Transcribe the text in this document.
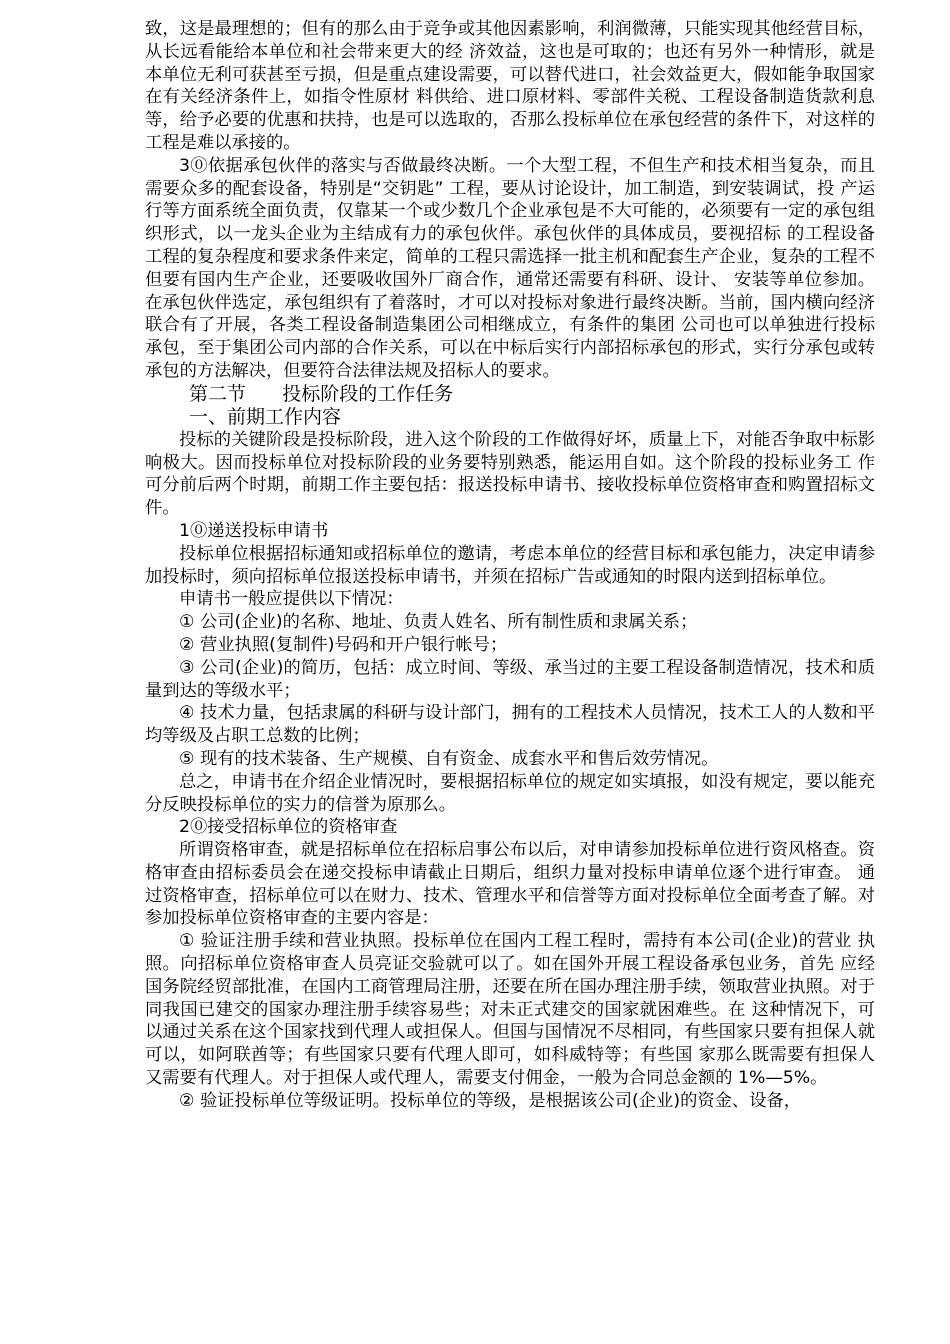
致，这是最理想的；但有的那么由于竞争或其他因素影响，利润微薄，只能实现其他经营目标，从长远看能给本单位和社会带来更大的经 济效益，这也是可取的；也还有另外一种情形，就是本单位无利可获甚至亏损，但是重点建设需要，可以替代进口，社会效益更大，假如能争取国家在有关经济条件上，如指令性原材 料供给、进口原材料、零部件关税、工程设备制造货款利息等，给予必要的优惠和扶持，也是可以选取的，否那么投标单位在承包经营的条件下，对这样的工程是难以承接的。

3⓪依据承包伙伴的落实与否做最终决断。一个大型工程，不但生产和技术相当复杂，而且需要众多的配套设备，特别是“交钥匙” 工程，要从讨论设计，加工制造，到安装调试，投 产运行等方面系统全面负责，仅靠某一个或少数几个企业承包是不大可能的，必须要有一定的承包组织形式，以一龙头企业为主结成有力的承包伙伴。承包伙伴的具体成员，要视招标 的工程设备工程的复杂程度和要求条件来定，简单的工程只需选择一批主机和配套生产企业，复杂的工程不但要有国内生产企业，还要吸收国外厂商合作，通常还需要有科研、设计、 安装等单位参加。在承包伙伴选定，承包组织有了着落时，才可以对投标对象进行最终决断。当前，国内横向经济联合有了开展，各类工程设备制造集团公司相继成立，有条件的集团 公司也可以单独进行投标承包，至于集团公司内部的合作关系，可以在中标后实行内部招标承包的形式，实行分承包或转承包的方法解决，但要符合法律法规及招标人的要求。

第二节      投标阶段的工作任务

一、前期工作内容

投标的关键阶段是投标阶段，进入这个阶段的工作做得好坏，质量上下，对能否争取中标影响极大。因而投标单位对投标阶段的业务要特别熟悉，能运用自如。这个阶段的投标业务工 作可分前后两个时期，前期工作主要包括：报送投标申请书、接收投标单位资格审查和购置招标文件。

1⓪递送投标申请书

投标单位根据招标通知或招标单位的邀请，考虑本单位的经营目标和承包能力，决定申请参加投标时，须向招标单位报送投标申请书，并须在招标广告或通知的时限内送到招标单位。

申请书一般应提供以下情况：

① 公司(企业)的名称、地址、负责人姓名、所有制性质和隶属关系；

② 营业执照(复制件)号码和开户银行帐号；

③ 公司(企业)的简历，包括：成立时间、等级、承当过的主要工程设备制造情况，技术和质量到达的等级水平；

④ 技术力量，包括隶属的科研与设计部门，拥有的工程技术人员情况，技术工人的人数和平均等级及占职工总数的比例；

⑤ 现有的技术装备、生产规模、自有资金、成套水平和售后效劳情况。

总之，申请书在介绍企业情况时，要根据招标单位的规定如实填报，如没有规定，要以能充分反映投标单位的实力的信誉为原那么。

2⓪接受招标单位的资格审查

所谓资格审查，就是招标单位在招标启事公布以后，对申请参加投标单位进行资风格查。资格审查由招标委员会在递交投标申请截止日期后，组织力量对投标申请单位逐个进行审查。 通过资格审查，招标单位可以在财力、技术、管理水平和信誉等方面对投标单位全面考查了解。对参加投标单位资格审查的主要内容是：

① 验证注册手续和营业执照。投标单位在国内工程工程时，需持有本公司(企业)的营业 执照。向招标单位资格审查人员亮证交验就可以了。如在国外开展工程设备承包业务，首先 应经国务院经贸部批准，在国内工商管理局注册，还要在所在国办理注册手续，领取营业执照。对于同我国已建交的国家办理注册手续容易些；对未正式建交的国家就困难些。在 这种情况下，可以通过关系在这个国家找到代理人或担保人。但国与国情况不尽相同，有些国家只要有担保人就可以，如阿联酋等；有些国家只要有代理人即可，如科威特等；有些国 家那么既需要有担保人又需要有代理人。对于担保人或代理人，需要支付佣金，一般为合同总金额的 1%—5%。

② 验证投标单位等级证明。投标单位的等级，是根据该公司(企业)的资金、设备，
